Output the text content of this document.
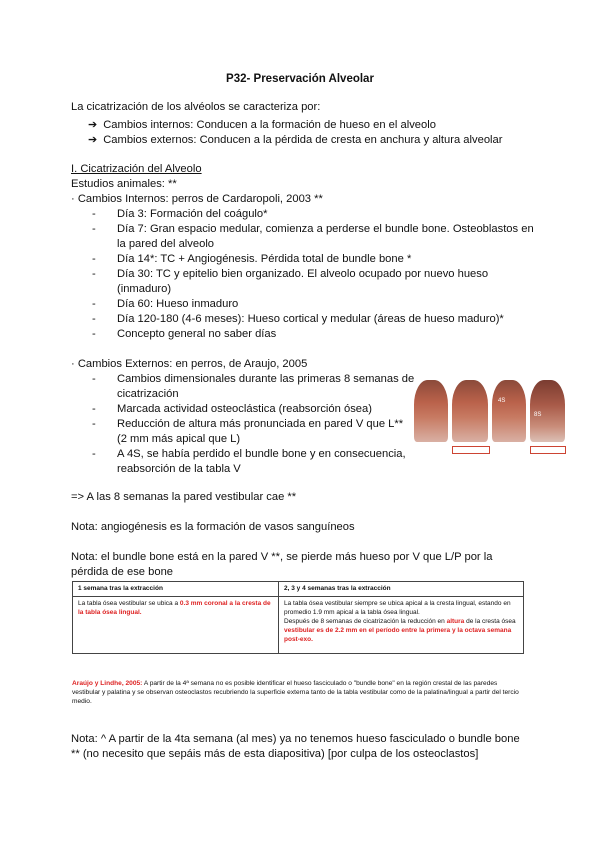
P32- Preservación Alveolar
La cicatrización de los alvéolos se caracteriza por:
➔ Cambios internos: Conducen a la formación de hueso en el alveolo
➔ Cambios externos: Conducen a la pérdida de cresta en anchura y altura alveolar
I. Cicatrización del Alveolo
Estudios animales: **
· Cambios Internos: perros de Cardaropoli, 2003 **
- Día 3: Formación del coágulo*
- Día 7: Gran espacio medular, comienza a perderse el bundle bone. Osteoblastos en
la pared del alveolo
- Día 14*: TC + Angiogénesis. Pérdida total de bundle bone *
- Día 30: TC y epitelio bien organizado. El alveolo ocupado por nuevo hueso
(inmaduro)
- Día 60: Hueso inmaduro
- Día 120-180 (4-6 meses): Hueso cortical y medular (áreas de hueso maduro)*
- Concepto general no saber días
· Cambios Externos: en perros, de Araujo, 2005
- Cambios dimensionales durante las primeras 8 semanas de
cicatrización
- Marcada actividad osteoclástica (reabsorción ósea)
- Reducción de altura más pronunciada en pared V que L**
(2 mm más apical que L)
- A 4S, se había perdido el bundle bone y en consecuencia,
reabsorción de la tabla V
4S
8S
=> A las 8 semanas la pared vestibular cae **
Nota: angiogénesis es la formación de vasos sanguíneos
Nota: el bundle bone está en la pared V **, se pierde más hueso por V que L/P por la
pérdida de ese bone
1 semana tras la extracción	2, 3 y 4 semanas tras la extracción
La tabla ósea vestibular se ubica a 0.3 mm coronal a la cresta de la tabla ósea lingual.	La tabla ósea vestibular siempre se ubica apical a la cresta lingual, estando en promedio 1.9 mm apical a la tabla ósea lingual.
Después de 8 semanas de cicatrización la reducción en altura de la cresta ósea vestibular es de 2.2 mm en el período entre la primera y la octava semana post-exo.
Araújo y Lindhe, 2005: A partir de la 4ª semana no es posible identificar el hueso fasciculado o "bundle bone" en la región crestal de las paredes vestibular y palatina y se observan osteoclastos recubriendo la superficie externa tanto de la tabla vestibular como de la palatina/lingual a partir del tercio medio.
Nota: ^ A partir de la 4ta semana (al mes) ya no tenemos hueso fasciculado o bundle bone
** (no necesito que sepáis más de esta diapositiva) [por culpa de los osteoclastos]
